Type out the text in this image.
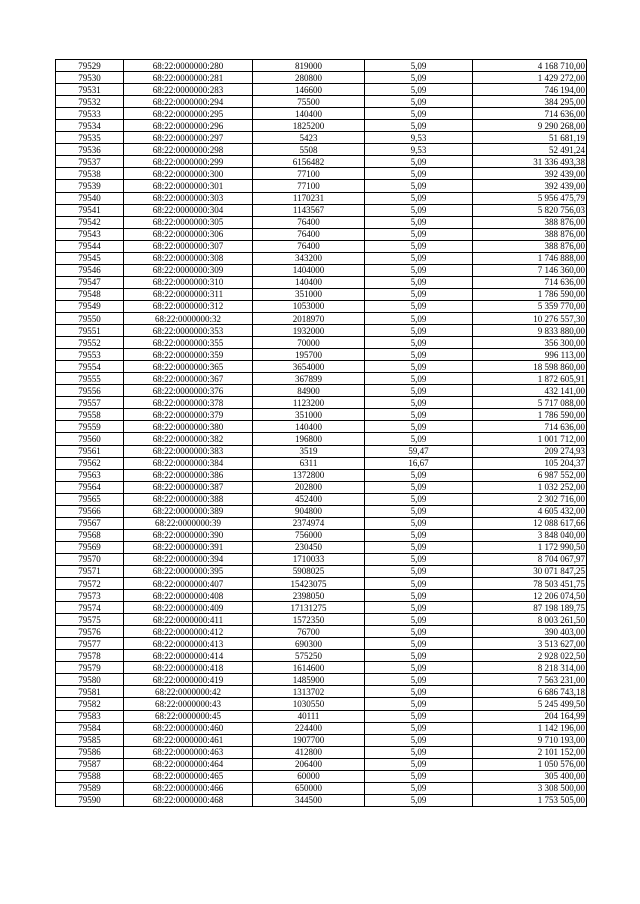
79529	68:22:0000000:280	819000	5,09	4 168 710,00
79530	68:22:0000000:281	280800	5,09	1 429 272,00
79531	68:22:0000000:283	146600	5,09	746 194,00
79532	68:22:0000000:294	75500	5,09	384 295,00
79533	68:22:0000000:295	140400	5,09	714 636,00
79534	68:22:0000000:296	1825200	5,09	9 290 268,00
79535	68:22:0000000:297	5423	9,53	51 681,19
79536	68:22:0000000:298	5508	9,53	52 491,24
79537	68:22:0000000:299	6156482	5,09	31 336 493,38
79538	68:22:0000000:300	77100	5,09	392 439,00
79539	68:22:0000000:301	77100	5,09	392 439,00
79540	68:22:0000000:303	1170231	5,09	5 956 475,79
79541	68:22:0000000:304	1143567	5,09	5 820 756,03
79542	68:22:0000000:305	76400	5,09	388 876,00
79543	68:22:0000000:306	76400	5,09	388 876,00
79544	68:22:0000000:307	76400	5,09	388 876,00
79545	68:22:0000000:308	343200	5,09	1 746 888,00
79546	68:22:0000000:309	1404000	5,09	7 146 360,00
79547	68:22:0000000:310	140400	5,09	714 636,00
79548	68:22:0000000:311	351000	5,09	1 786 590,00
79549	68:22:0000000:312	1053000	5,09	5 359 770,00
79550	68:22:0000000:32	2018970	5,09	10 276 557,30
79551	68:22:0000000:353	1932000	5,09	9 833 880,00
79552	68:22:0000000:355	70000	5,09	356 300,00
79553	68:22:0000000:359	195700	5,09	996 113,00
79554	68:22:0000000:365	3654000	5,09	18 598 860,00
79555	68:22:0000000:367	367899	5,09	1 872 605,91
79556	68:22:0000000:376	84900	5,09	432 141,00
79557	68:22:0000000:378	1123200	5,09	5 717 088,00
79558	68:22:0000000:379	351000	5,09	1 786 590,00
79559	68:22:0000000:380	140400	5,09	714 636,00
79560	68:22:0000000:382	196800	5,09	1 001 712,00
79561	68:22:0000000:383	3519	59,47	209 274,93
79562	68:22:0000000:384	6311	16,67	105 204,37
79563	68:22:0000000:386	1372800	5,09	6 987 552,00
79564	68:22:0000000:387	202800	5,09	1 032 252,00
79565	68:22:0000000:388	452400	5,09	2 302 716,00
79566	68:22:0000000:389	904800	5,09	4 605 432,00
79567	68:22:0000000:39	2374974	5,09	12 088 617,66
79568	68:22:0000000:390	756000	5,09	3 848 040,00
79569	68:22:0000000:391	230450	5,09	1 172 990,50
79570	68:22:0000000:394	1710033	5,09	8 704 067,97
79571	68:22:0000000:395	5908025	5,09	30 071 847,25
79572	68:22:0000000:407	15423075	5,09	78 503 451,75
79573	68:22:0000000:408	2398050	5,09	12 206 074,50
79574	68:22:0000000:409	17131275	5,09	87 198 189,75
79575	68:22:0000000:411	1572350	5,09	8 003 261,50
79576	68:22:0000000:412	76700	5,09	390 403,00
79577	68:22:0000000:413	690300	5,09	3 513 627,00
79578	68:22:0000000:414	575250	5,09	2 928 022,50
79579	68:22:0000000:418	1614600	5,09	8 218 314,00
79580	68:22:0000000:419	1485900	5,09	7 563 231,00
79581	68:22:0000000:42	1313702	5,09	6 686 743,18
79582	68:22:0000000:43	1030550	5,09	5 245 499,50
79583	68:22:0000000:45	40111	5,09	204 164,99
79584	68:22:0000000:460	224400	5,09	1 142 196,00
79585	68:22:0000000:461	1907700	5,09	9 710 193,00
79586	68:22:0000000:463	412800	5,09	2 101 152,00
79587	68:22:0000000:464	206400	5,09	1 050 576,00
79588	68:22:0000000:465	60000	5,09	305 400,00
79589	68:22:0000000:466	650000	5,09	3 308 500,00
79590	68:22:0000000:468	344500	5,09	1 753 505,00
